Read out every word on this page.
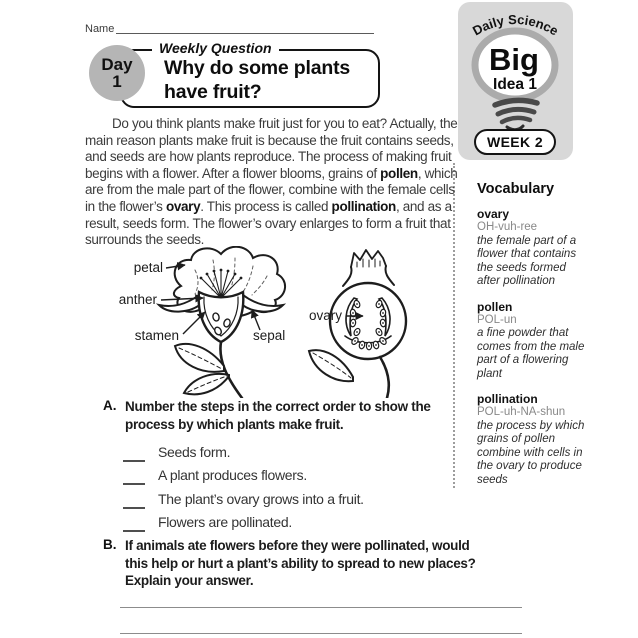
Name
Weekly Question
Day
1
Why do some plants have fruit?
Daily Science
Big
Idea 1
WEEK 2

Do you think plants make fruit just for you to eat? Actually, the main reason plants make fruit is because the fruit contains seeds, and seeds are how plants reproduce. The process of making fruit begins with a flower. After a flower blooms, grains of pollen, which are from the male part of the flower, combine with the female cells in the flower’s ovary. This process is called pollination, and as a result, seeds form. The flower’s ovary enlarges to form a fruit that surrounds the seeds.

petal
anther
stamen	sepal
ovary
Vocabulary
ovary
OH-vuh-ree
the female part of a flower that contains the seeds formed after pollination
pollen
POL-un
a fine powder that comes from the male part of a flowering plant
pollination
POL-uh-NA-shun
the process by which grains of pollen combine with cells in the ovary to produce seeds
A. Number the steps in the correct order to show the process by which plants make fruit.
Seeds form.
A plant produces flowers.
The plant’s ovary grows into a fruit.
Flowers are pollinated.
B. If animals ate flowers before they were pollinated, would this help or hurt a plant’s ability to spread to new places? Explain your answer.
